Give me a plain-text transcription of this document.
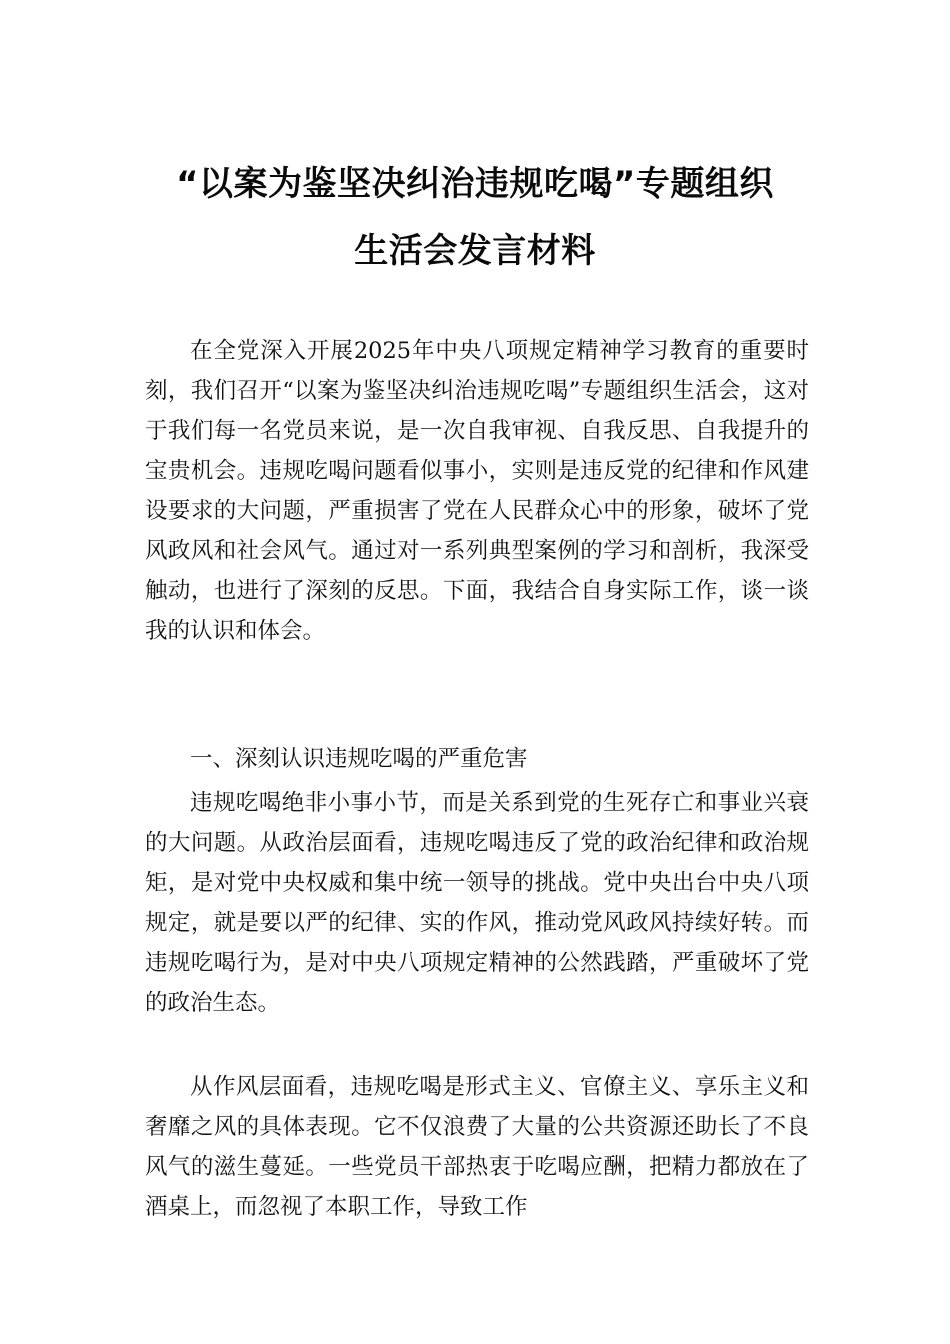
“以案为鉴坚决纠治违规吃喝”专题组织
生活会发言材料

在全党深入开展2025年中央八项规定精神学习教育的重要时刻，我们召开“以案为鉴坚决纠治违规吃喝”专题组织生活会，这对于我们每一名党员来说，是一次自我审视、自我反思、自我提升的宝贵机会。违规吃喝问题看似事小，实则是违反党的纪律和作风建设要求的大问题，严重损害了党在人民群众心中的形象，破坏了党风政风和社会风气。通过对一系列典型案例的学习和剖析，我深受触动，也进行了深刻的反思。下面，我结合自身实际工作，谈一谈我的认识和体会。

一、深刻认识违规吃喝的严重危害

违规吃喝绝非小事小节，而是关系到党的生死存亡和事业兴衰的大问题。从政治层面看，违规吃喝违反了党的政治纪律和政治规矩，是对党中央权威和集中统一领导的挑战。党中央出台中央八项规定，就是要以严的纪律、实的作风，推动党风政风持续好转。而违规吃喝行为，是对中央八项规定精神的公然践踏，严重破坏了党的政治生态。

从作风层面看，违规吃喝是形式主义、官僚主义、享乐主义和奢靡之风的具体表现。它不仅浪费了大量的公共资源还助长了不良风气的滋生蔓延。一些党员干部热衷于吃喝应酬，把精力都放在了酒桌上，而忽视了本职工作，导致工作
